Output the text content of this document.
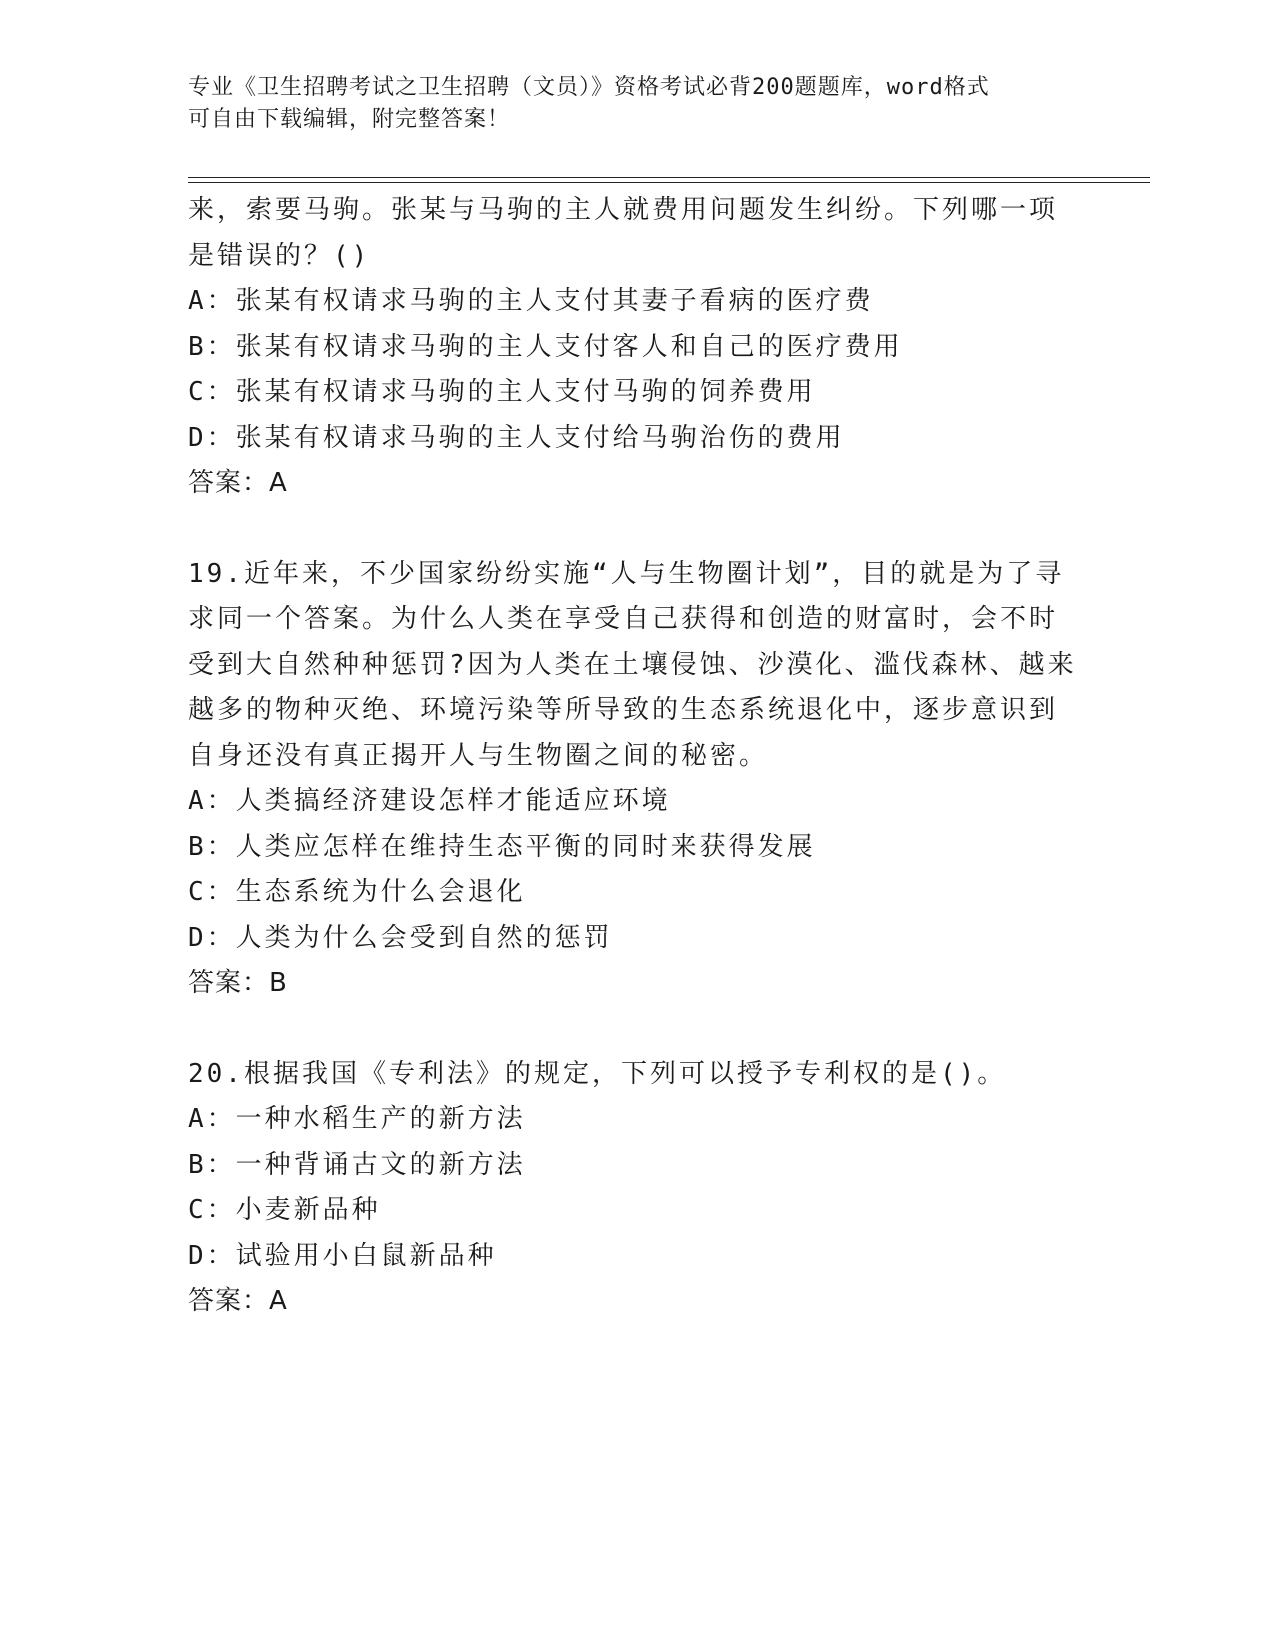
专业《卫生招聘考试之卫生招聘（文员）》资格考试必背200题题库，word格式
可自由下载编辑，附完整答案！
来，索要马驹。张某与马驹的主人就费用问题发生纠纷。下列哪一项
是错误的？()
A：张某有权请求马驹的主人支付其妻子看病的医疗费
B：张某有权请求马驹的主人支付客人和自己的医疗费用
C：张某有权请求马驹的主人支付马驹的饲养费用
D：张某有权请求马驹的主人支付给马驹治伤的费用
答案：A
19.近年来，不少国家纷纷实施“人与生物圈计划”，目的就是为了寻
求同一个答案。为什么人类在享受自己获得和创造的财富时，会不时
受到大自然种种惩罚?因为人类在土壤侵蚀、沙漠化、滥伐森林、越来
越多的物种灭绝、环境污染等所导致的生态系统退化中，逐步意识到
自身还没有真正揭开人与生物圈之间的秘密。
A：人类搞经济建设怎样才能适应环境
B：人类应怎样在维持生态平衡的同时来获得发展
C：生态系统为什么会退化
D：人类为什么会受到自然的惩罚
答案：B
20.根据我国《专利法》的规定，下列可以授予专利权的是()。
A：一种水稻生产的新方法
B：一种背诵古文的新方法
C：小麦新品种
D：试验用小白鼠新品种
答案：A
